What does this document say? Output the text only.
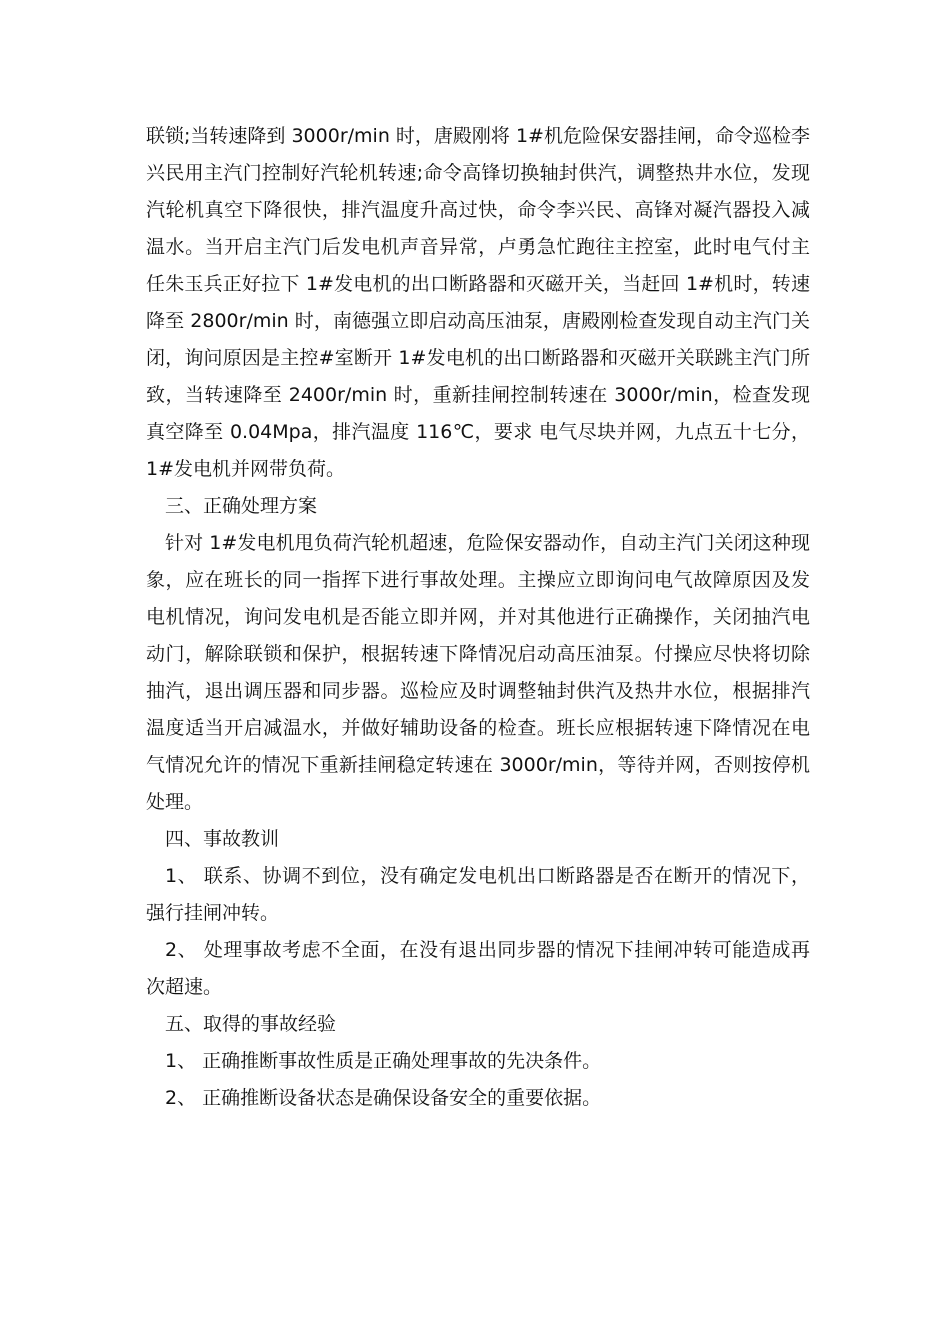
联锁;当转速降到 3000r/min 时，唐殿刚将 1#机危险保安器挂闸，命令巡检李兴民用主汽门控制好汽轮机转速;命令高锋切换轴封供汽，调整热井水位，发现汽轮机真空下降很快，排汽温度升高过快，命令李兴民、高锋对凝汽器投入减温水。当开启主汽门后发电机声音异常，卢勇急忙跑往主控室，此时电气付主任朱玉兵正好拉下 1#发电机的出口断路器和灭磁开关，当赶回 1#机时，转速降至 2800r/min 时，南德强立即启动高压油泵，唐殿刚检查发现自动主汽门关闭，询问原因是主控#室断开 1#发电机的出口断路器和灭磁开关联跳主汽门所致，当转速降至 2400r/min 时，重新挂闸控制转速在 3000r/min，检查发现真空降至 0.04Mpa，排汽温度 116℃，要求 电气尽块并网，九点五十七分，1#发电机并网带负荷。

三、正确处理方案

针对 1#发电机甩负荷汽轮机超速，危险保安器动作，自动主汽门关闭这种现象，应在班长的同一指挥下进行事故处理。主操应立即询问电气故障原因及发电机情况，询问发电机是否能立即并网，并对其他进行正确操作，关闭抽汽电动门，解除联锁和保护，根据转速下降情况启动高压油泵。付操应尽快将切除抽汽，退出调压器和同步器。巡检应及时调整轴封供汽及热井水位，根据排汽温度适当开启减温水，并做好辅助设备的检查。班长应根据转速下降情况在电气情况允许的情况下重新挂闸稳定转速在 3000r/min，等待并网，否则按停机处理。

四、事故教训

1、 联系、协调不到位，没有确定发电机出口断路器是否在断开的情况下，强行挂闸冲转。

2、 处理事故考虑不全面，在没有退出同步器的情况下挂闸冲转可能造成再次超速。

五、取得的事故经验

1、 正确推断事故性质是正确处理事故的先决条件。

2、 正确推断设备状态是确保设备安全的重要依据。
